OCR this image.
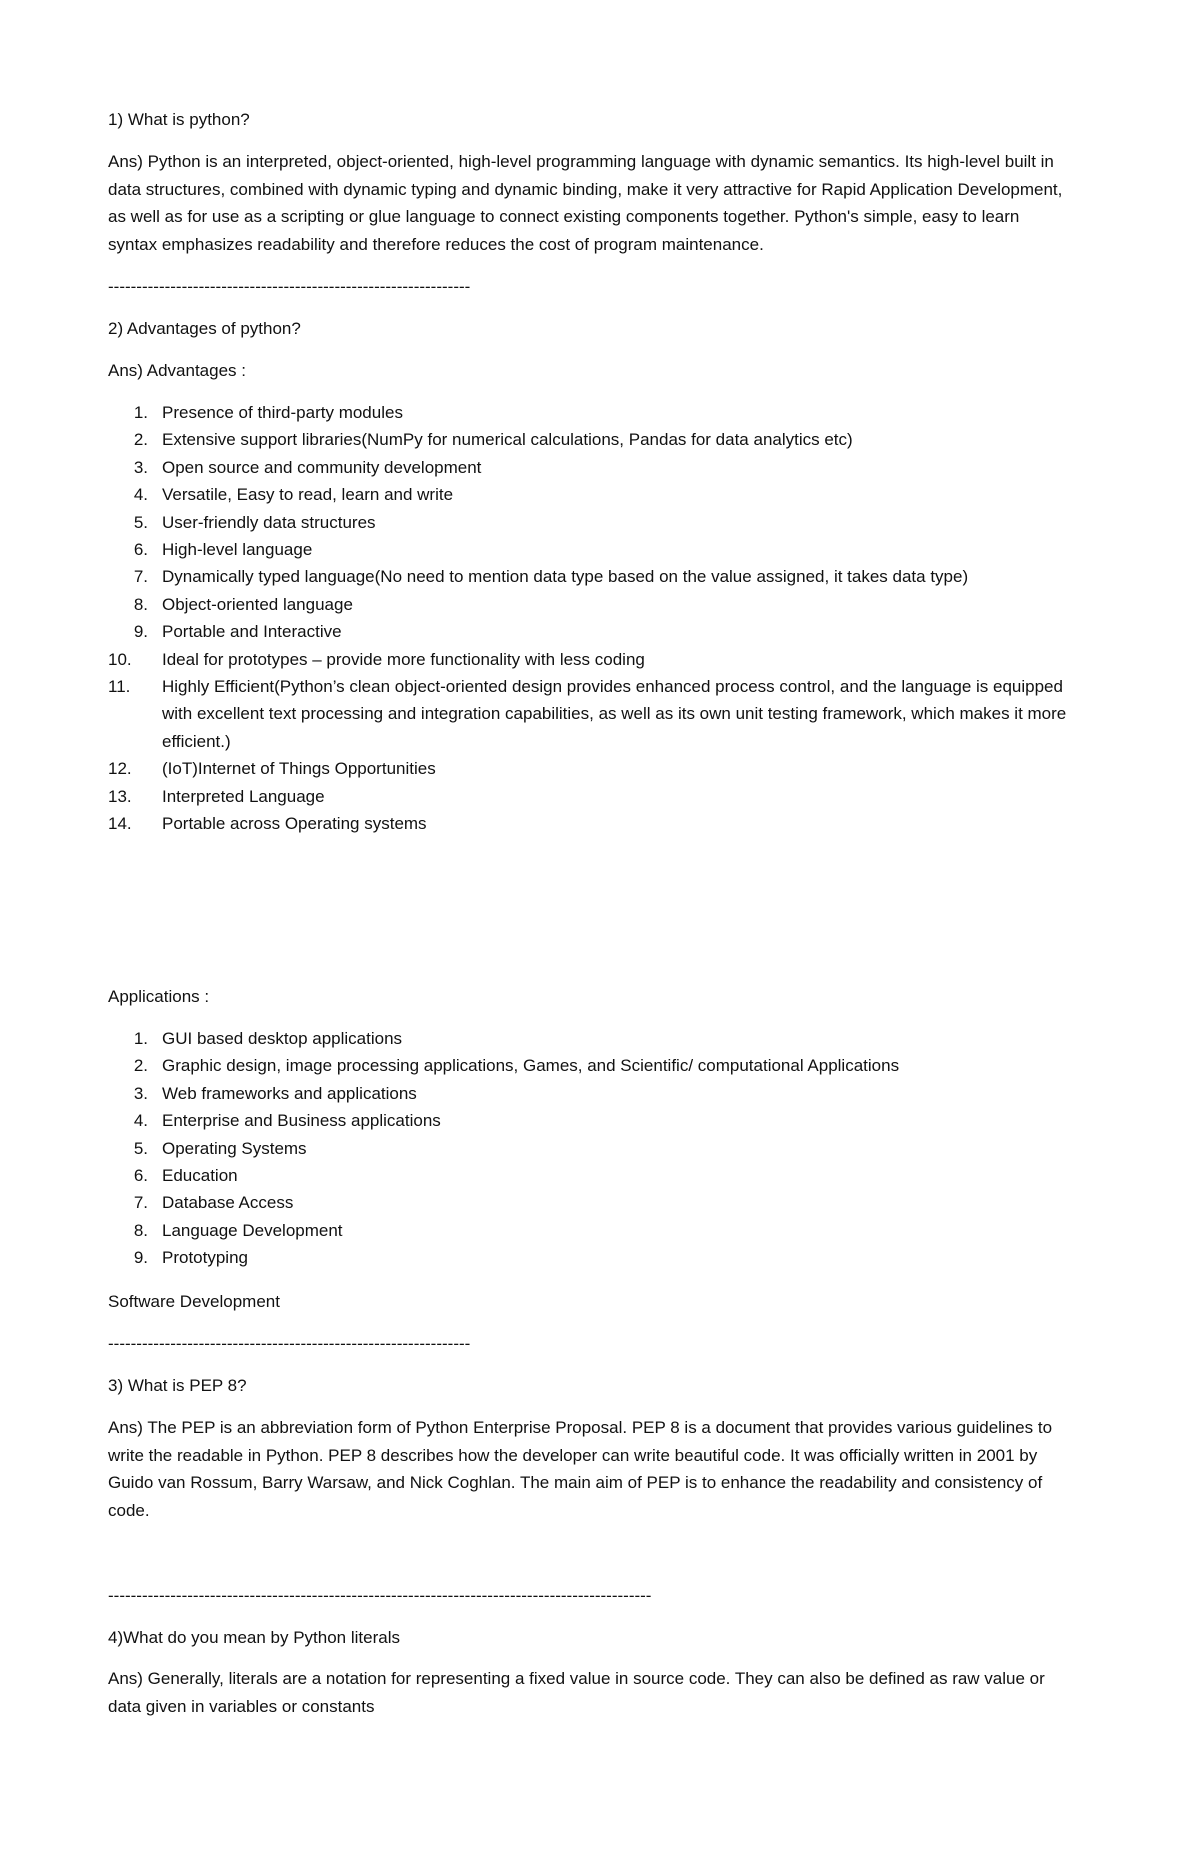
1) What is python?

Ans) Python is an interpreted, object-oriented, high-level programming language with dynamic semantics. Its high-level built in data structures, combined with dynamic typing and dynamic binding, make it very attractive for Rapid Application Development, as well as for use as a scripting or glue language to connect existing components together. Python's simple, easy to learn syntax emphasizes readability and therefore reduces the cost of program maintenance.

----------------------------------------------------------------
2) Advantages of python?
Ans) Advantages :
1. Presence of third-party modules
2. Extensive support libraries(NumPy for numerical calculations, Pandas for data analytics etc)
3. Open source and community development
4. Versatile, Easy to read, learn and write
5. User-friendly data structures
6. High-level language
7. Dynamically typed language(No need to mention data type based on the value assigned, it takes data type)
8. Object-oriented language
9. Portable and Interactive
10.	Ideal for prototypes – provide more functionality with less coding
11.	Highly Efficient(Python’s clean object-oriented design provides enhanced process control, and the language is equipped with excellent text processing and integration capabilities, as well as its own unit testing framework, which makes it more efficient.)
12.	(IoT)Internet of Things Opportunities
13.	Interpreted Language
14.	Portable across Operating systems
Applications :
1. GUI based desktop applications
2. Graphic design, image processing applications, Games, and Scientific/ computational Applications
3. Web frameworks and applications
4. Enterprise and Business applications
5. Operating Systems
6. Education
7. Database Access
8. Language Development
9. Prototyping
Software Development
----------------------------------------------------------------
3) What is PEP 8?

Ans) The PEP is an abbreviation form of Python Enterprise Proposal. PEP 8 is a document that provides various guidelines to write the readable in Python. PEP 8 describes how the developer can write beautiful code. It was officially written in 2001 by Guido van Rossum, Barry Warsaw, and Nick Coghlan. The main aim of PEP is to enhance the readability and consistency of code.

------------------------------------------------------------------------------------------------
4)What do you mean by Python literals

Ans) Generally, literals are a notation for representing a fixed value in source code. They can also be defined as raw value or data given in variables or constants
